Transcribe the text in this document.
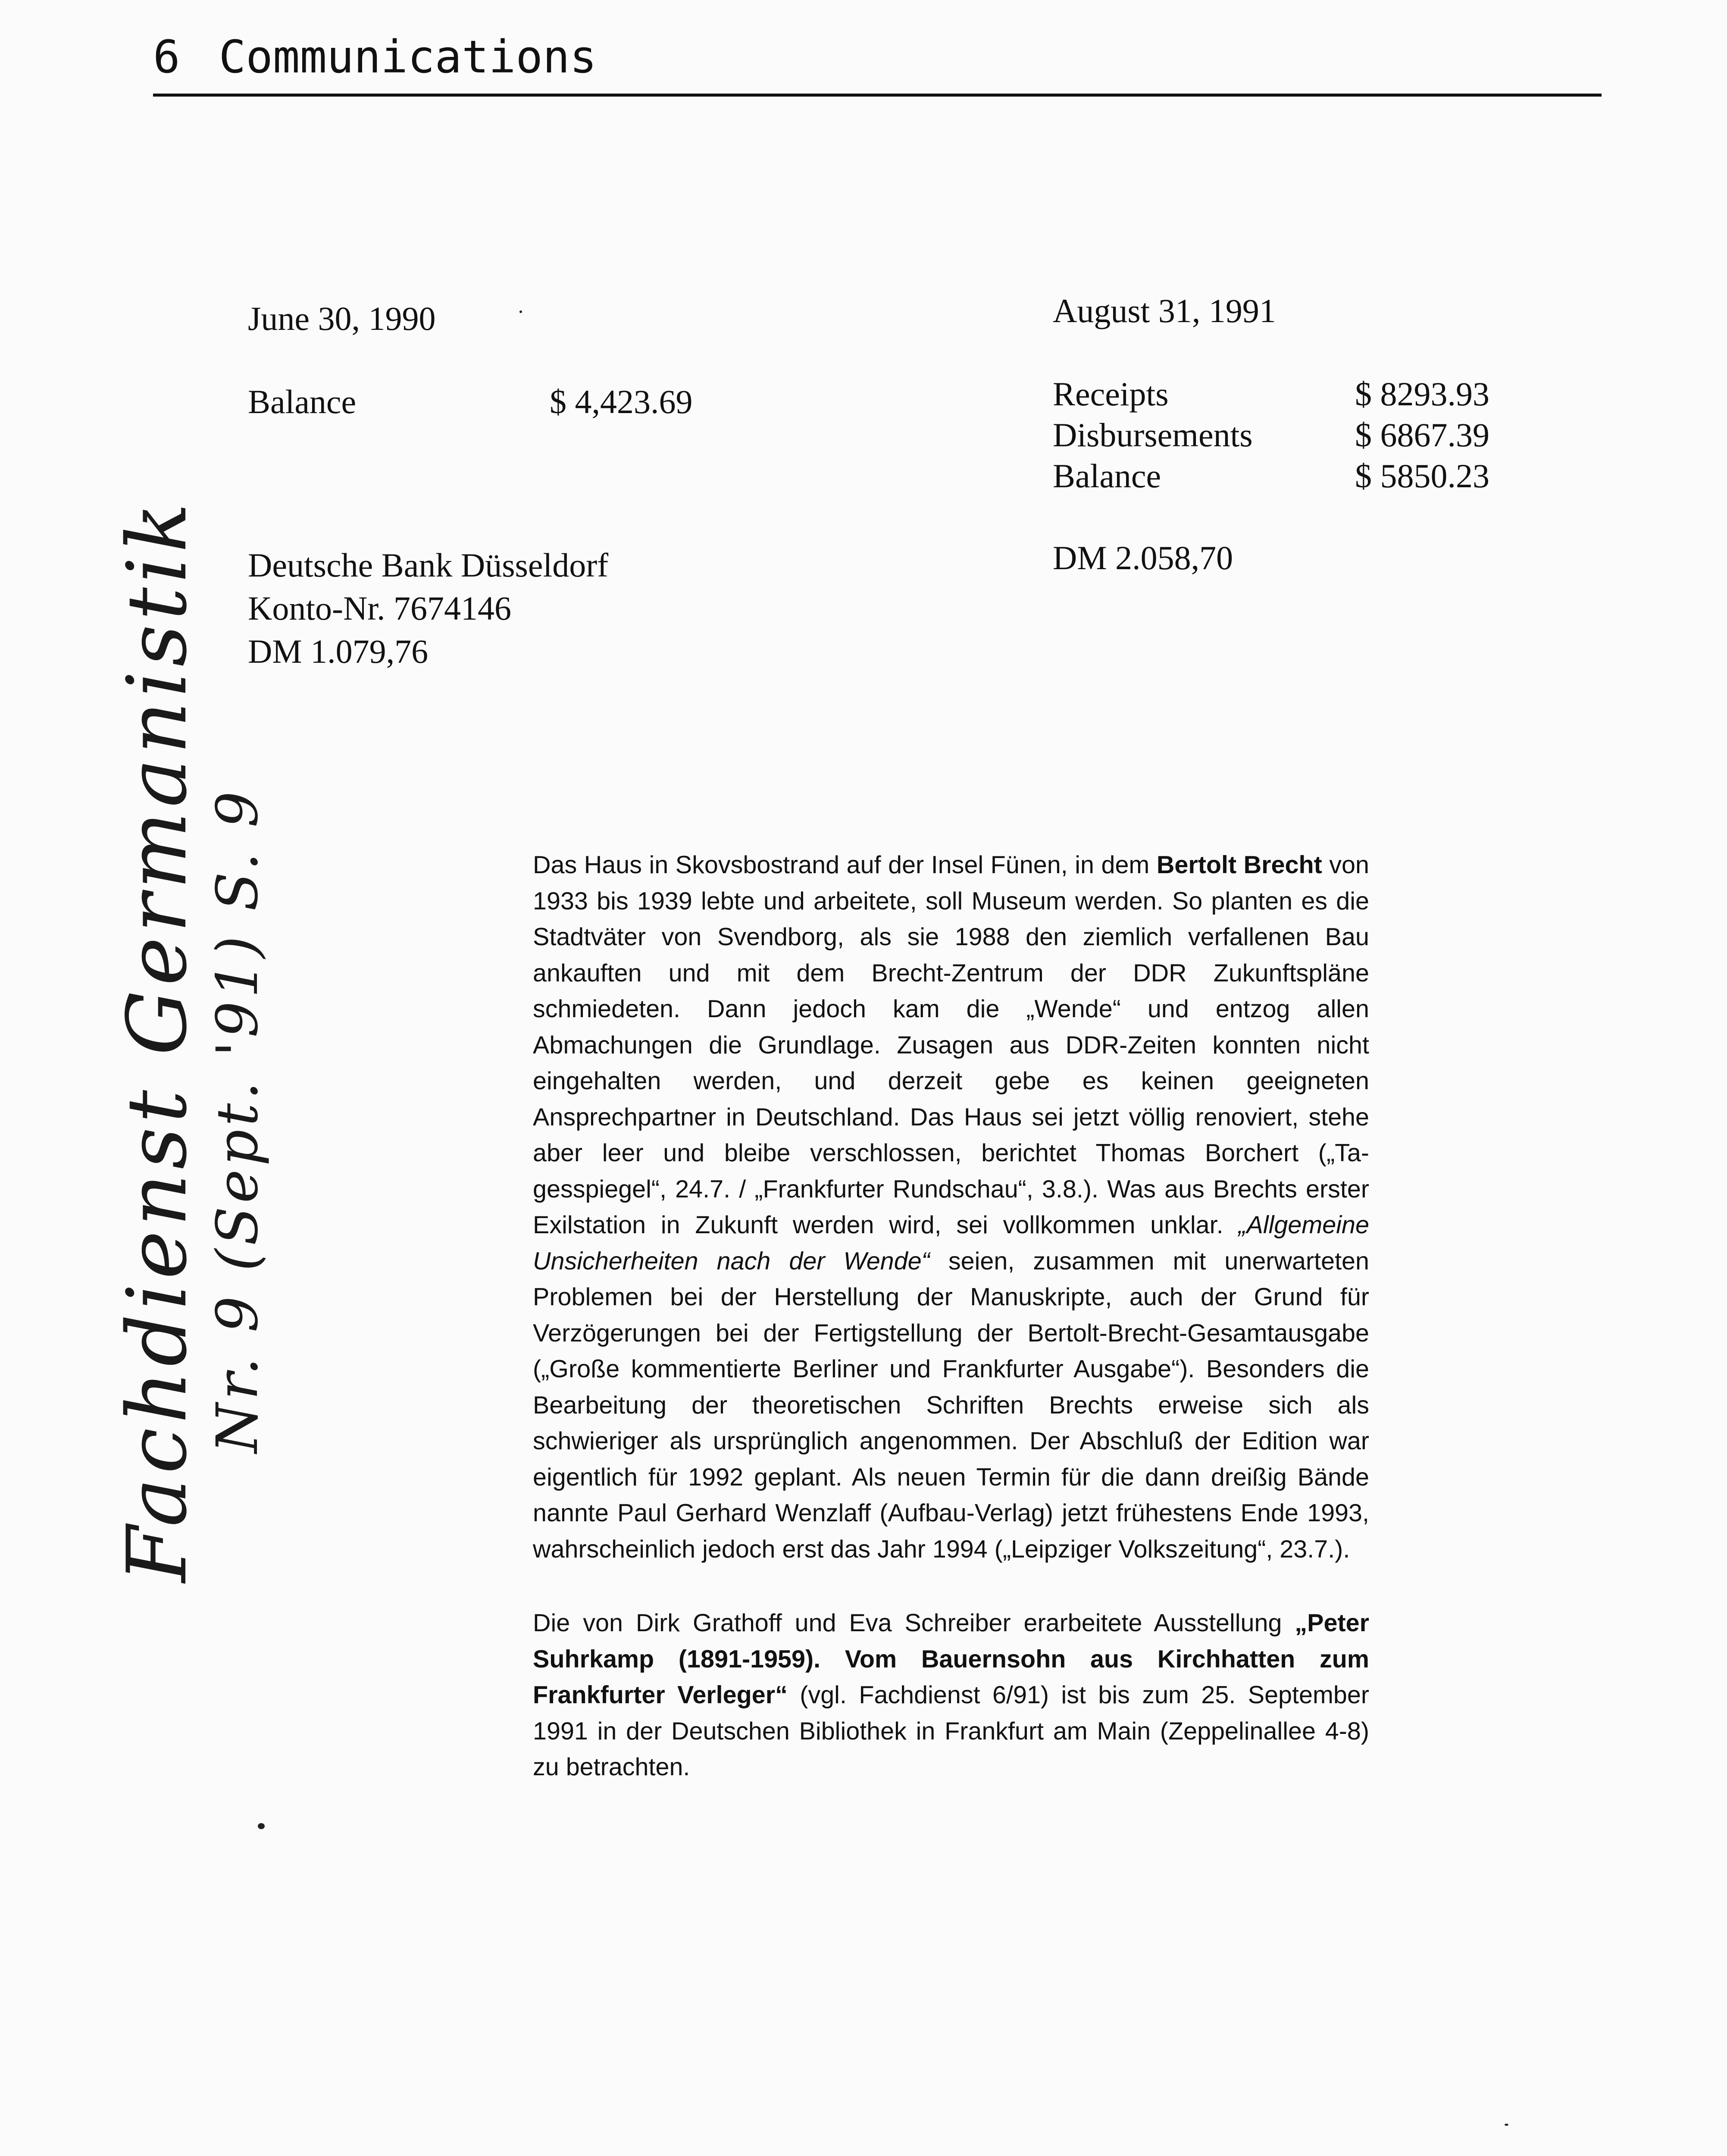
6 Communications
June 30, 1990
Balance	$ 4,423.69
Deutsche Bank Düsseldorf
Konto-Nr. 7674146
DM 1.079,76
August 31, 1991
Receipts	$ 8293.93
Disbursements	$ 6867.39
Balance	$ 5850.23
DM 2.058,70
Fachdienst Germanistik Nr. 9 (Sept. '91) S. 9	Das Haus in Skovsbostrand auf der Insel Fünen, in dem Bertolt Brecht von 1933 bis 1939 lebte und arbeitete, soll Museum werden. So planten es die Stadtväter von Svendborg, als sie 1988 den ziemlich verfallenen Bau ankauften und mit dem Brecht-Zentrum der DDR Zukunftspläne schmiedeten. Dann jedoch kam die „Wende“ und entzog allen Abmachungen die Grundlage. Zusagen aus DDR-Zeiten konnten nicht eingehalten werden, und derzeit gebe es keinen geeigneten Ansprechpartner in Deutschland. Das Haus sei jetzt völlig renoviert, stehe aber leer und bleibe verschlossen, berichtet Thomas Borchert („Tagesspiegel“, 24.7. / „Frankfurter Rundschau“, 3.8.). Was aus Brechts erster Exilstation in Zukunft werden wird, sei vollkommen unklar. „Allgemeine Unsicherheiten nach der Wende“ seien, zusammen mit unerwarteten Problemen bei der Herstellung der Manuskripte, auch der Grund für Verzögerungen bei der Fertigstellung der Bertolt-Brecht-Gesamtausgabe („Große kommentierte Berliner und Frankfurter Ausgabe“). Besonders die Bearbeitung der theoretischen Schriften Brechts erweise sich als schwieriger als ursprünglich angenommen. Der Abschluß der Edition war eigentlich für 1992 geplant. Als neuen Termin für die dann dreißig Bände nannte Paul Gerhard Wenzlaff (Aufbau-Verlag) jetzt frühestens Ende 1993, wahrscheinlich jedoch erst das Jahr 1994 („Leipziger Volkszeitung“, 23.7.).

Die von Dirk Grathoff und Eva Schreiber erarbeitete Ausstellung „Peter Suhrkamp (1891-1959). Vom Bauernsohn aus Kirchhatten zum Frankfurter Verleger“ (vgl. Fachdienst 6/91) ist bis zum 25. September 1991 in der Deutschen Bibliothek in Frankfurt am Main (Zeppelinallee 4-8) zu betrachten.
